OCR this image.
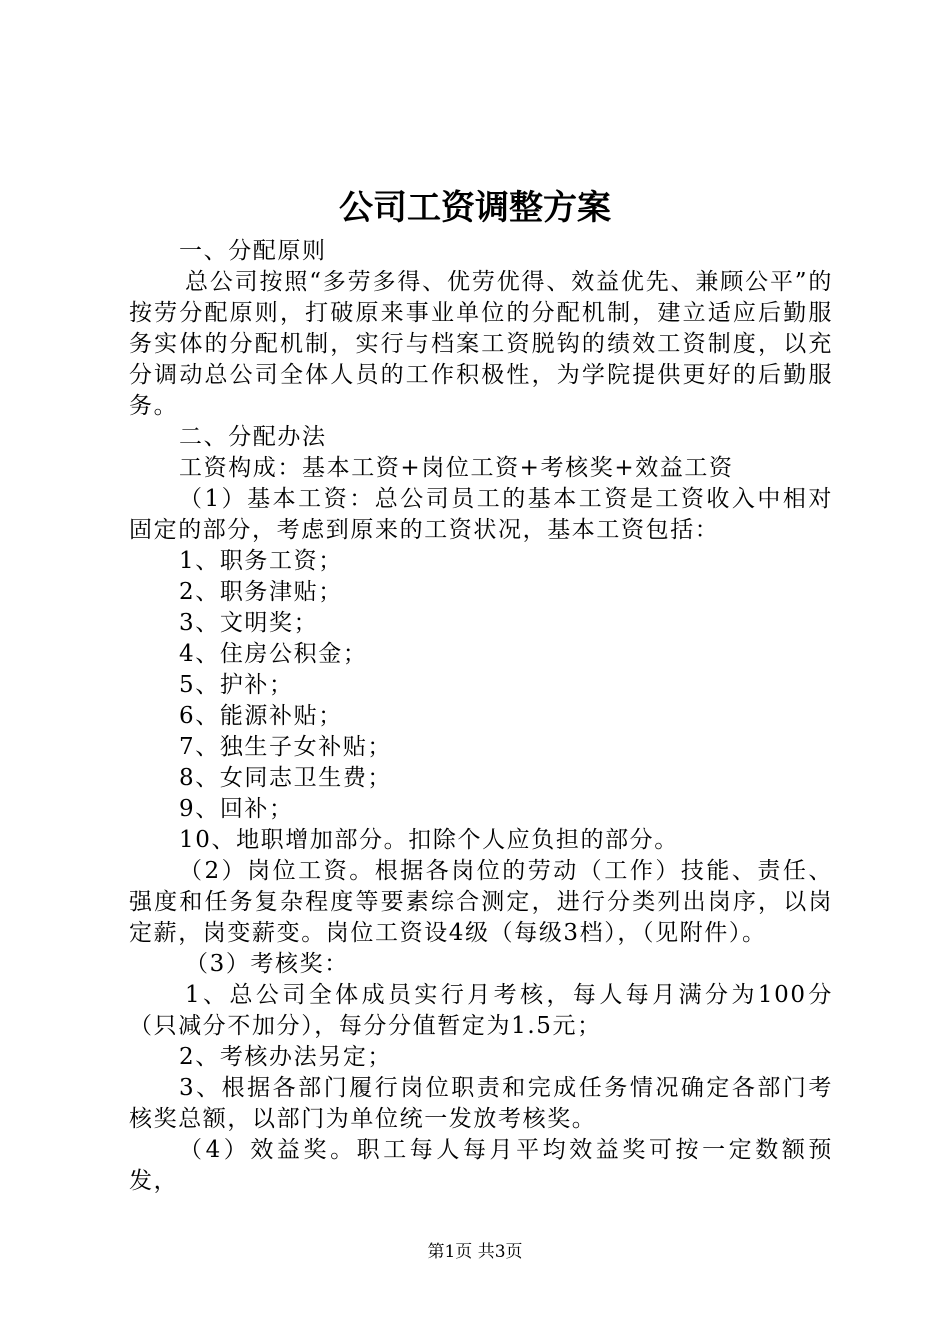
公司工资调整方案

一、分配原则

总公司按照“多劳多得、优劳优得、效益优先、兼顾公平”的按劳分配原则，打破原来事业单位的分配机制，建立适应后勤服务实体的分配机制，实行与档案工资脱钩的绩效工资制度，以充分调动总公司全体人员的工作积极性，为学院提供更好的后勤服务。

二、分配办法

工资构成：基本工资+岗位工资+考核奖+效益工资

（1）基本工资：总公司员工的基本工资是工资收入中相对固定的部分，考虑到原来的工资状况，基本工资包括：

1、职务工资；

2、职务津贴；

3、文明奖；

4、住房公积金；

5、护补；

6、能源补贴；

7、独生子女补贴；

8、女同志卫生费；

9、回补；

10、地职增加部分。扣除个人应负担的部分。

（2）岗位工资。根据各岗位的劳动（工作）技能、责任、强度和任务复杂程度等要素综合测定，进行分类列出岗序，以岗定薪，岗变薪变。岗位工资设4级（每级3档），（见附件）。

（3）考核奖：

1、总公司全体成员实行月考核，每人每月满分为100分（只减分不加分），每分分值暂定为1.5元；

2、考核办法另定；

3、根据各部门履行岗位职责和完成任务情况确定各部门考核奖总额，以部门为单位统一发放考核奖。

（4）效益奖。职工每人每月平均效益奖可按一定数额预发，

第1页 共3页
